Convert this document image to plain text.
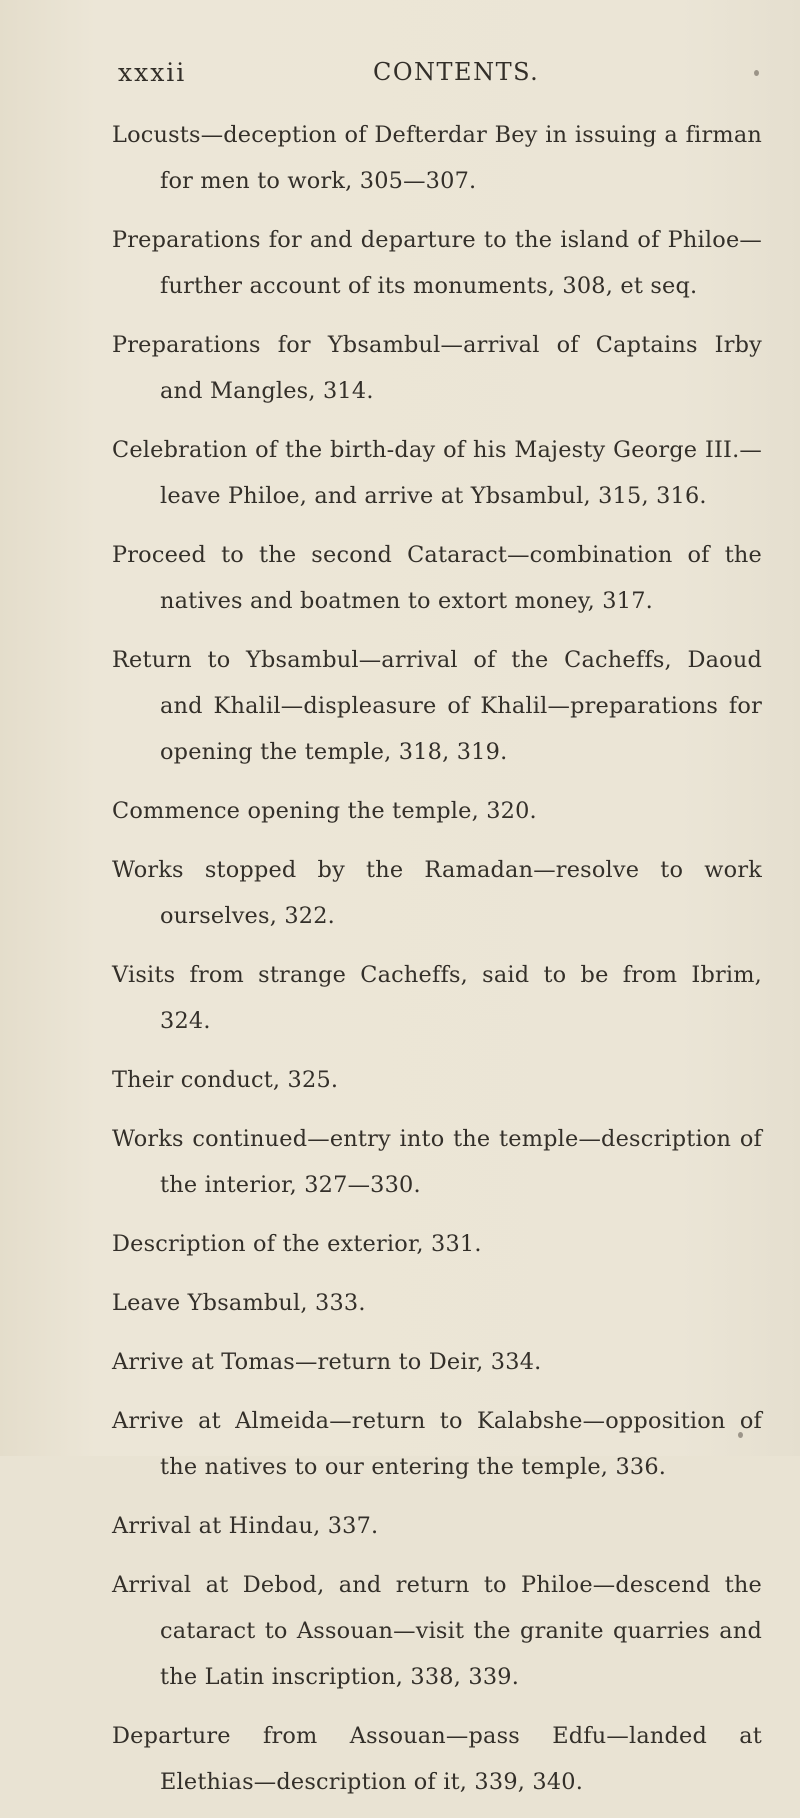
xxxii	CONTENTS.

Locusts—deception of Defterdar Bey in issuing a firman for men to work, 305—307.

Preparations for and departure to the island of Philoe—further account of its monuments, 308, et seq.

Preparations for Ybsambul—arrival of Captains Irby and Mangles, 314.

Celebration of the birth-day of his Majesty George III.—leave Philoe, and arrive at Ybsambul, 315, 316.

Proceed to the second Cataract—combination of the natives and boatmen to extort money, 317.

Return to Ybsambul—arrival of the Cacheffs, Daoud and Khalil—displeasure of Khalil—preparations for opening the temple, 318, 319.

Commence opening the temple, 320.

Works stopped by the Ramadan—resolve to work ourselves, 322.

Visits from strange Cacheffs, said to be from Ibrim, 324.

Their conduct, 325.

Works continued—entry into the temple—description of the interior, 327—330.

Description of the exterior, 331.

Leave Ybsambul, 333.

Arrive at Tomas—return to Deir, 334.

Arrive at Almeida—return to Kalabshe—opposition of the natives to our entering the temple, 336.

Arrival at Hindau, 337.

Arrival at Debod, and return to Philoe—descend the cataract to Assouan—visit the granite quarries and the Latin inscription, 338, 339.

Departure from Assouan—pass Edfu—landed at Elethias—description of it, 339, 340.
